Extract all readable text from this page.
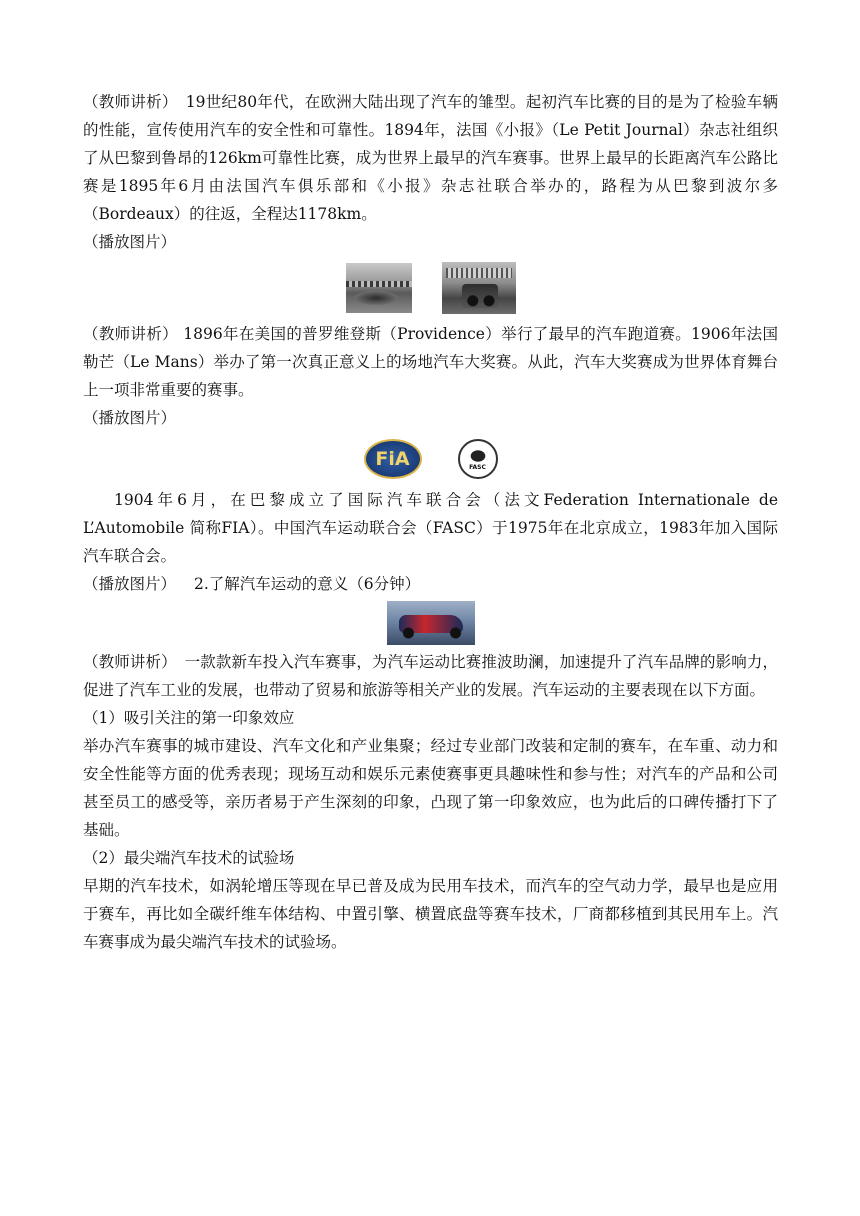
（教师讲析）　19世纪80年代，在欧洲大陆出现了汽车的雏型。起初汽车比赛的目的是为了检验车辆的性能，宣传使用汽车的安全性和可靠性。1894年，法国《小报》（Le Petit Journal）杂志社组织了从巴黎到鲁昂的126km可靠性比赛，成为世界上最早的汽车赛事。世界上最早的长距离汽车公路比赛是1895年6月由法国汽车俱乐部和《小报》杂志社联合举办的，路程为从巴黎到波尔多（Bordeaux）的往返，全程达1178km。

（播放图片）

（教师讲析） 1896年在美国的普罗维登斯（Providence）举行了最早的汽车跑道赛。1906年法国勒芒（Le Mans）举办了第一次真正意义上的场地汽车大奖赛。从此，汽车大奖赛成为世界体育舞台上一项非常重要的赛事。

（播放图片）

FiA	FASC

1904年6月，在巴黎成立了国际汽车联合会（法文Federation Internationale de L’Automobile 简称FIA）。中国汽车运动联合会（FASC）于1975年在北京成立，1983年加入国际汽车联合会。

（播放图片） 2.了解汽车运动的意义（6分钟）

（教师讲析）　一款款新车投入汽车赛事，为汽车运动比赛推波助澜，加速提升了汽车品牌的影响力，促进了汽车工业的发展，也带动了贸易和旅游等相关产业的发展。汽车运动的主要表现在以下方面。

（1）吸引关注的第一印象效应

举办汽车赛事的城市建设、汽车文化和产业集聚；经过专业部门改装和定制的赛车，在车重、动力和安全性能等方面的优秀表现；现场互动和娱乐元素使赛事更具趣味性和参与性；对汽车的产品和公司甚至员工的感受等，亲历者易于产生深刻的印象，凸现了第一印象效应，也为此后的口碑传播打下了基础。

（2）最尖端汽车技术的试验场

早期的汽车技术，如涡轮增压等现在早已普及成为民用车技术，而汽车的空气动力学，最早也是应用于赛车，再比如全碳纤维车体结构、中置引擎、横置底盘等赛车技术，厂商都移植到其民用车上。汽车赛事成为最尖端汽车技术的试验场。
